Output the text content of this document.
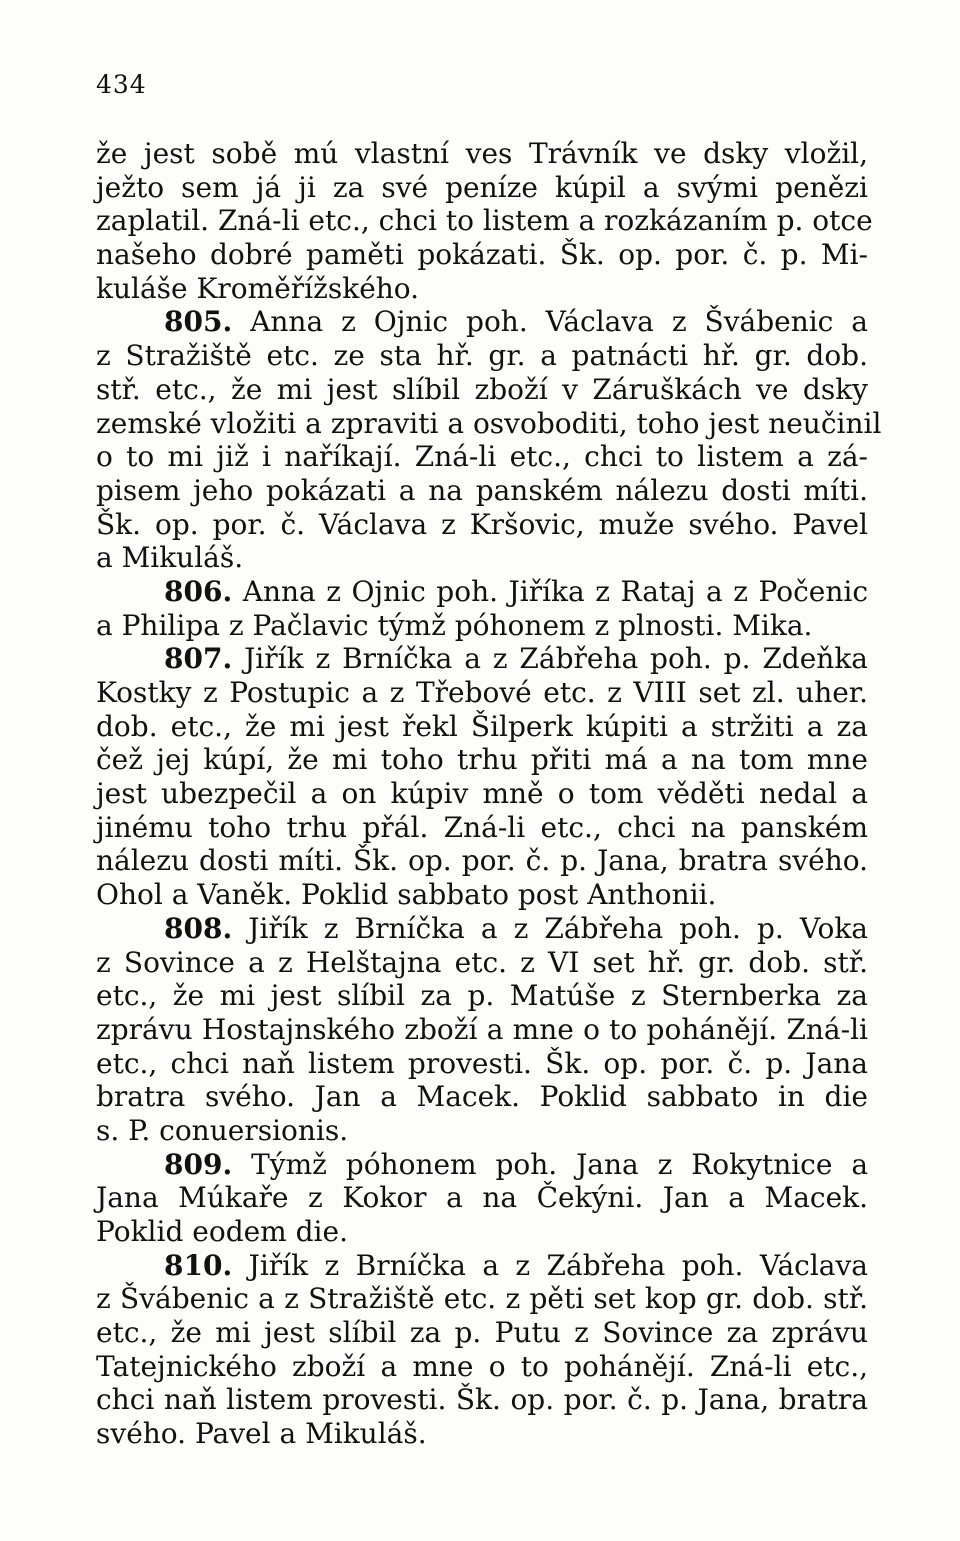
434
že jest sobě mú vlastní ves Trávník ve dsky vložil,
ježto sem já ji za své peníze kúpil a svými penězi
zaplatil. Zná-li etc., chci to listem a rozkázaním p. otce
našeho dobré paměti pokázati. Šk. op. por. č. p. Mi-
kuláše Kroměřížského.
805. Anna z Ojnic poh. Václava z Švábenic a
z Stražiště etc. ze sta hř. gr. a patnácti hř. gr. dob.
stř. etc., že mi jest slíbil zboží v Záruškách ve dsky
zemské vložiti a zpraviti a osvoboditi, toho jest neučinil
o to mi již i naříkají. Zná-li etc., chci to listem a zá-
pisem jeho pokázati a na panském nálezu dosti míti.
Šk. op. por. č. Václava z Kršovic, muže svého. Pavel
a Mikuláš.
806. Anna z Ojnic poh. Jiříka z Rataj a z Počenic
a Philipa z Pačlavic týmž póhonem z plnosti. Mika.
807. Jiřík z Brníčka a z Zábřeha poh. p. Zdeňka
Kostky z Postupic a z Třebové etc. z VIII set zl. uher.
dob. etc., že mi jest řekl Šilperk kúpiti a stržiti a za
čež jej kúpí, že mi toho trhu přiti má a na tom mne
jest ubezpečil a on kúpiv mně o tom věděti nedal a
jinému toho trhu přál. Zná-li etc., chci na panském
nálezu dosti míti. Šk. op. por. č. p. Jana, bratra svého.
Ohol a Vaněk. Poklid sabbato post Anthonii.
808. Jiřík z Brníčka a z Zábřeha poh. p. Voka
z Sovince a z Helštajna etc. z VI set hř. gr. dob. stř.
etc., že mi jest slíbil za p. Matúše z Sternberka za
zprávu Hostajnského zboží a mne o to pohánějí. Zná-li
etc., chci naň listem provesti. Šk. op. por. č. p. Jana
bratra svého. Jan a Macek. Poklid sabbato in die
s. P. conuersionis.
809. Týmž póhonem poh. Jana z Rokytnice a
Jana Múkaře z Kokor a na Čekýni. Jan a Macek.
Poklid eodem die.
810. Jiřík z Brníčka a z Zábřeha poh. Václava
z Švábenic a z Stražiště etc. z pěti set kop gr. dob. stř.
etc., že mi jest slíbil za p. Putu z Sovince za zprávu
Tatejnického zboží a mne o to pohánějí. Zná-li etc.,
chci naň listem provesti. Šk. op. por. č. p. Jana, bratra
svého. Pavel a Mikuláš.
